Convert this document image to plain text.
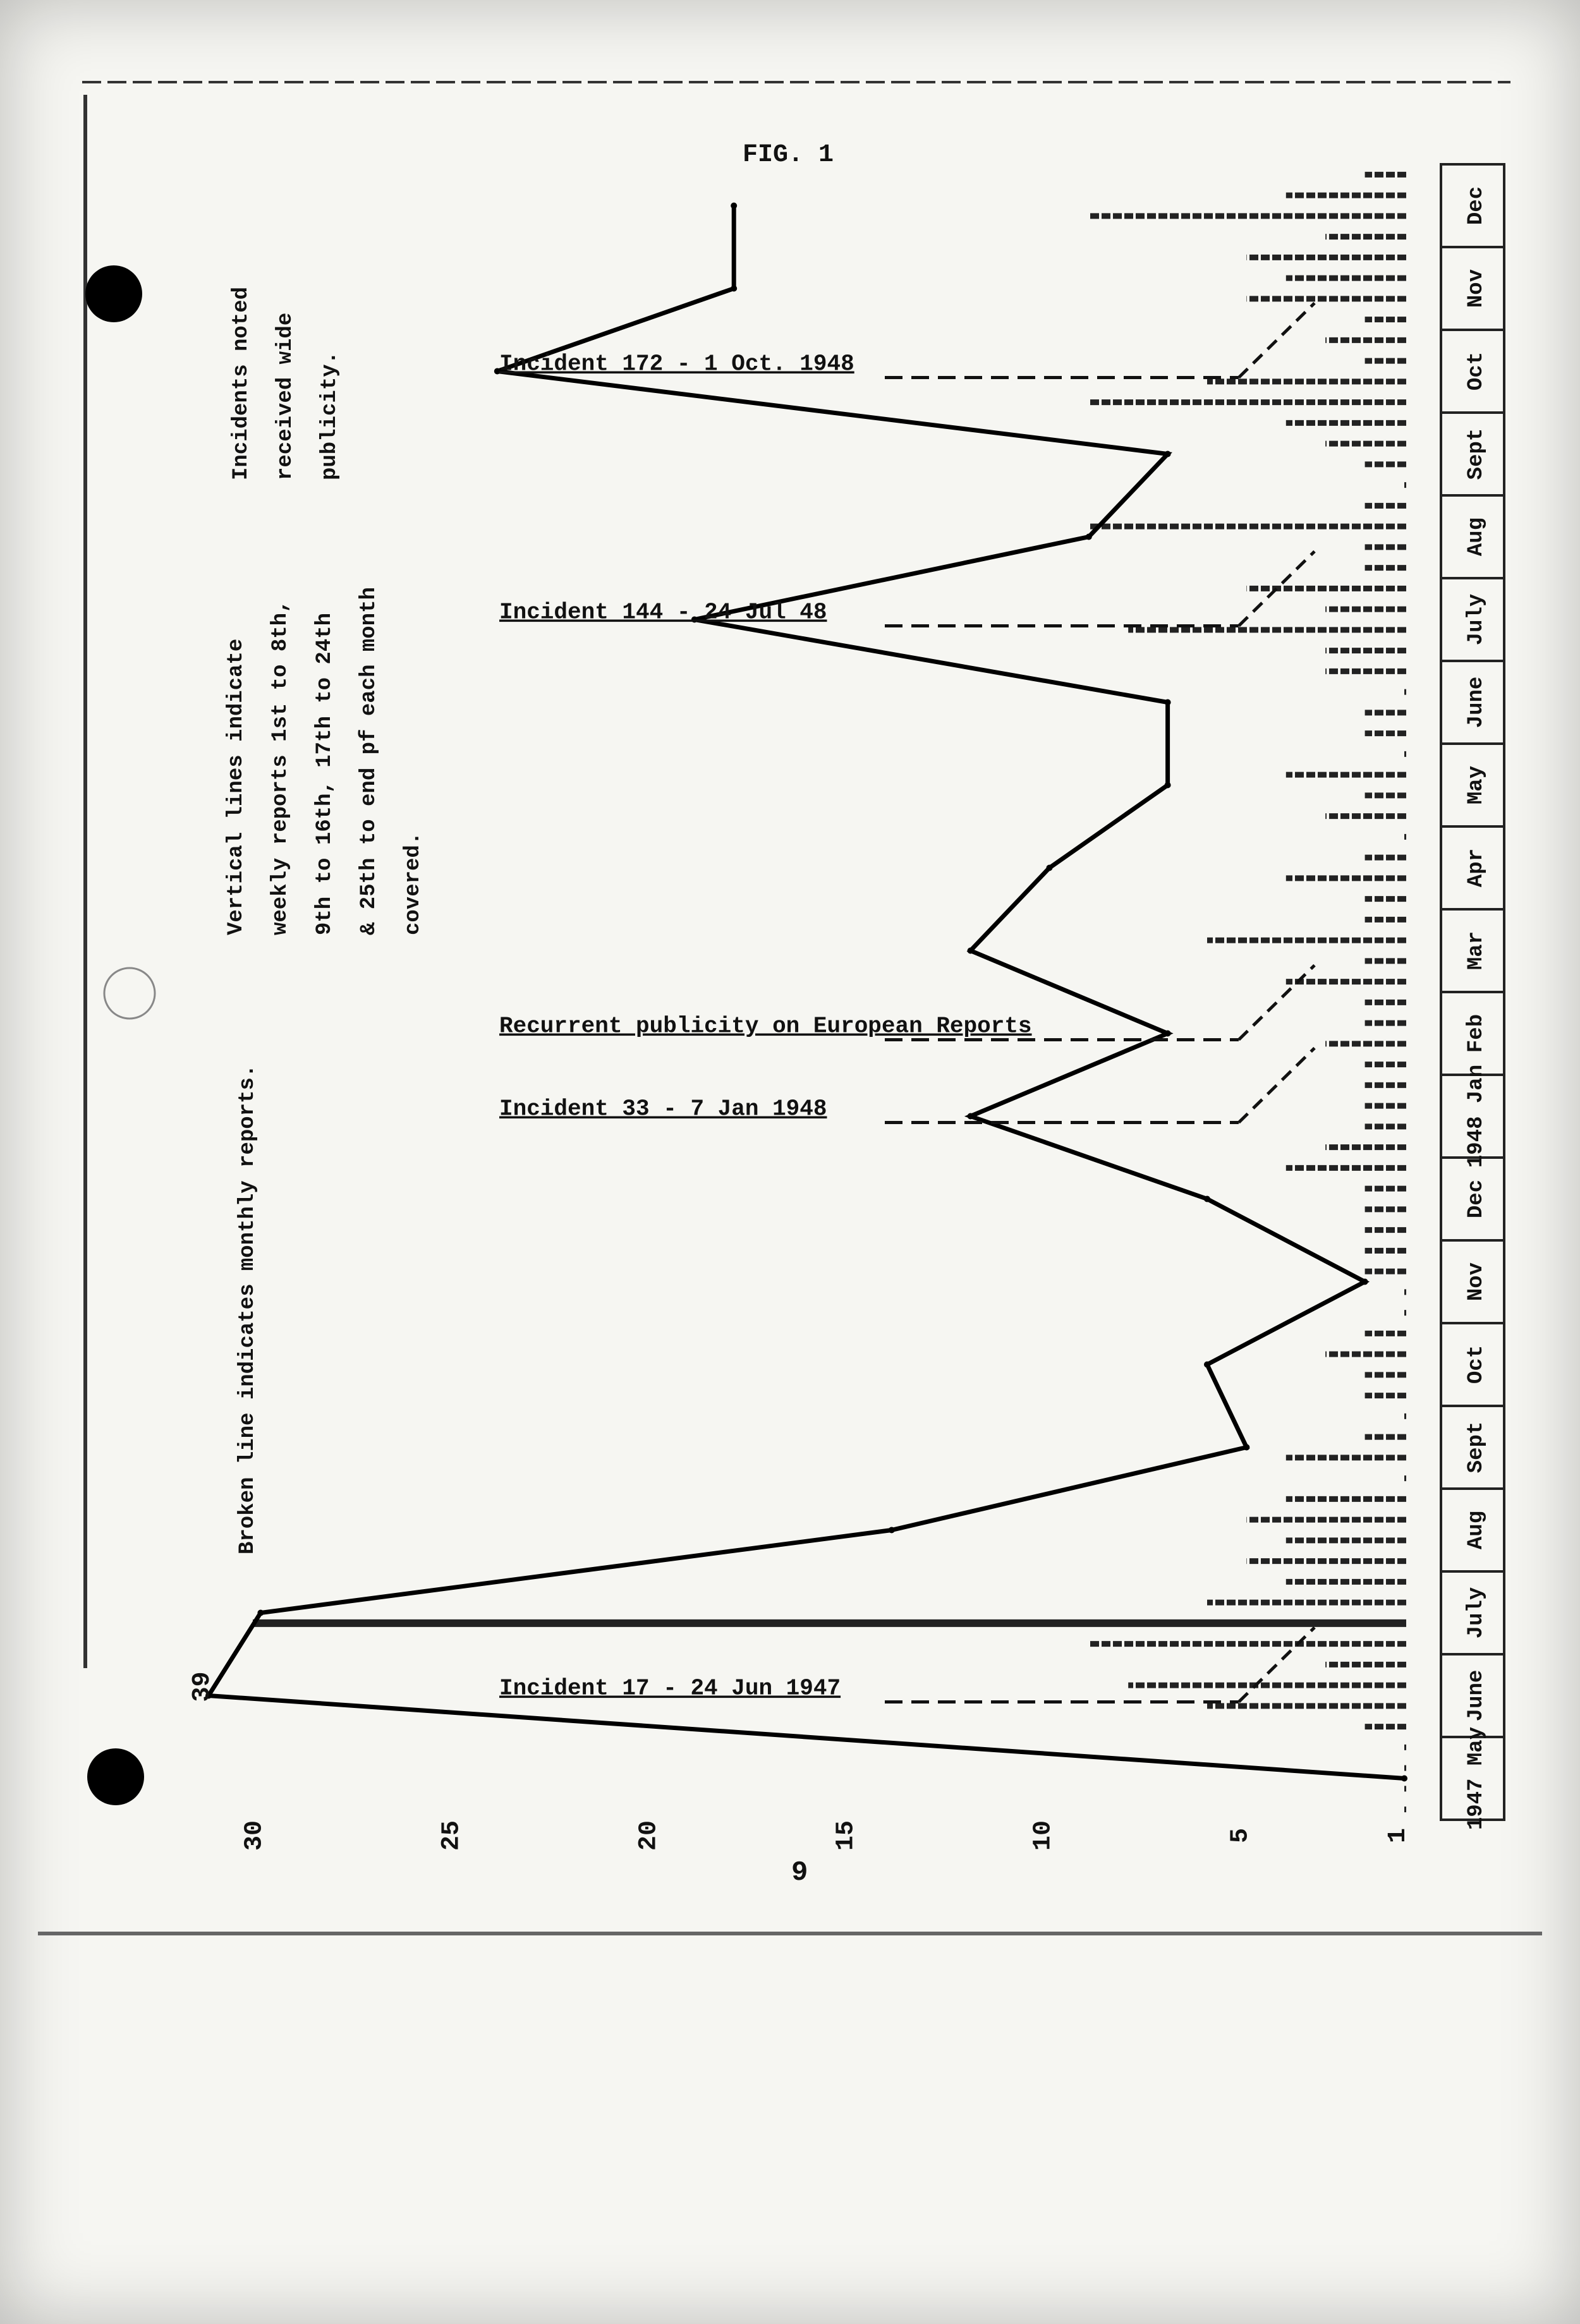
Broken line indicates monthly reports.
Vertical lines indicate weekly reports 1st to 8th, 9th to 16th, 17th to 24th & 25th to end pf each month covered.
Incidents noted received wide publicity.
FIG. 1
9
1947 May
June
July
Aug
Sept
Oct
Nov
Dec
1948 Jan
Feb
Mar
Apr
May
June
July
Aug
Sept
Oct
Nov
Dec
1
5
10
15
20
25
30
39	Incident 17 - 24 Jun 1947
Incident 33 - 7 Jan 1948
Recurrent publicity on European Reports
Incident 144 - 24 Jul 48
Incident 172 - 1 Oct. 1948
